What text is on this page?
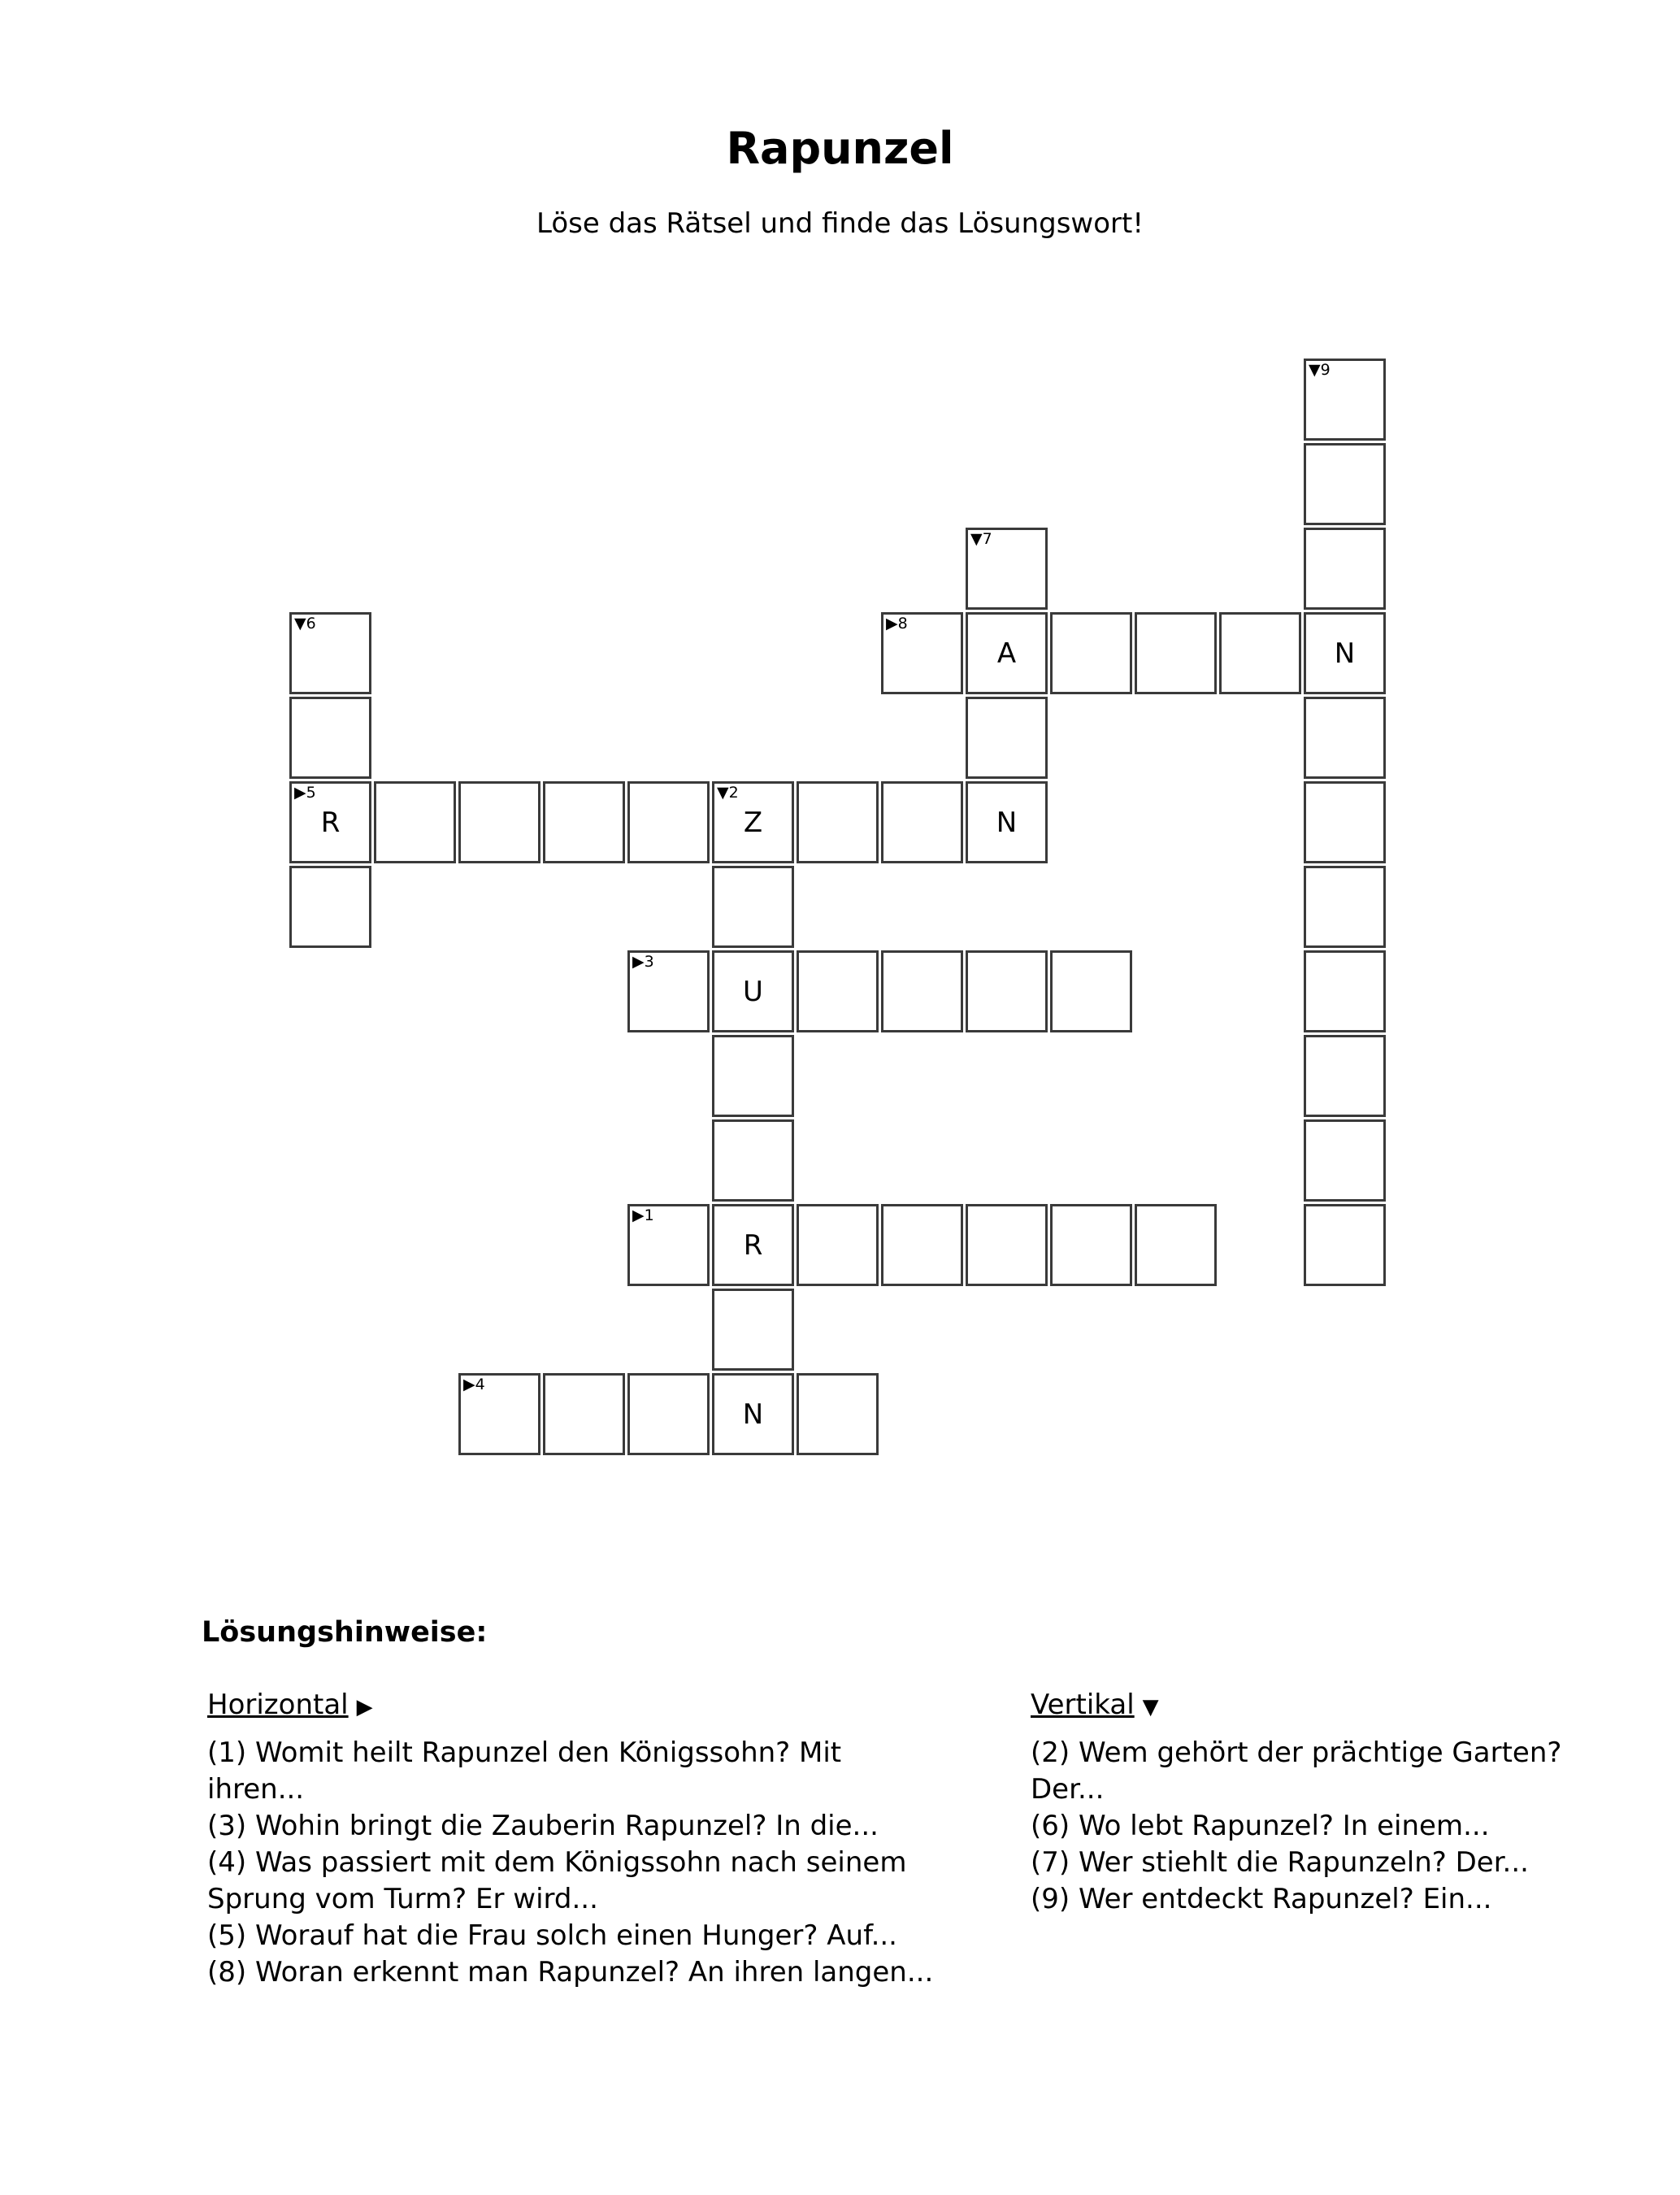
Rapunzel
Löse das Rätsel und finde das Lösungswort!
▼9
▼7
▼6	▶8
A	N
▶5
R
▼2
Z	N
▶3
U
▶1
R
▶4
N
Lösungshinweise:
Horizontal ▶
(1) Womit heilt Rapunzel den Königssohn? Mit ihren...
(3) Wohin bringt die Zauberin Rapunzel? In die...
(4) Was passiert mit dem Königssohn nach seinem Sprung vom Turm? Er wird...
(5) Worauf hat die Frau solch einen Hunger? Auf...
(8) Woran erkennt man Rapunzel? An ihren langen...
Vertikal ▼
(2) Wem gehört der prächtige Garten? Der...
(6) Wo lebt Rapunzel? In einem...
(7) Wer stiehlt die Rapunzeln? Der...
(9) Wer entdeckt Rapunzel? Ein...
